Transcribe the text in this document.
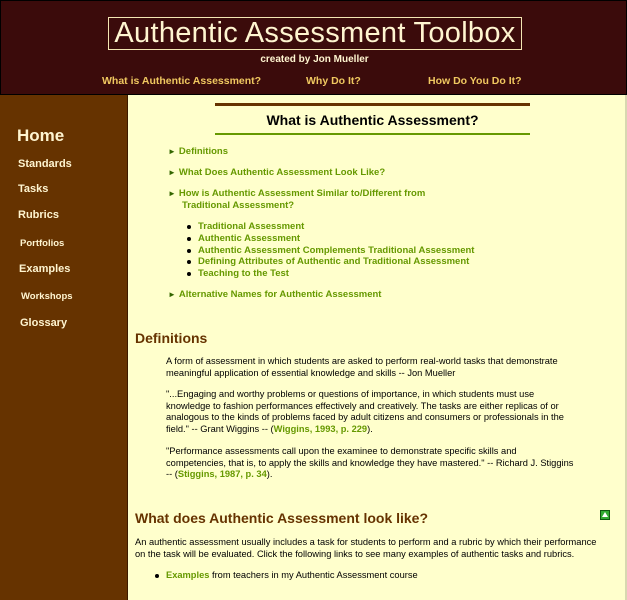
Authentic Assessment Toolbox
created by Jon Mueller
What is Authentic Assessment?	Why Do It?	How Do You Do It?
Home
Standards
Tasks
Rubrics
Portfolios
Examples
Workshops
Glossary
What is Authentic Assessment?
► Definitions
► What Does Authentic Assessment Look Like?
► How is Authentic Assessment Similar to/Different from
Traditional Assessment?
Traditional Assessment
Authentic Assessment
Authentic Assessment Complements Traditional Assessment
Defining Attributes of Authentic and Traditional Assessment
Teaching to the Test
► Alternative Names for Authentic Assessment
Definitions
A form of assessment in which students are asked to perform real-world tasks that demonstrate
meaningful application of essential knowledge and skills -- Jon Mueller
"...Engaging and worthy problems or questions of importance, in which students must use
knowledge to fashion performances effectively and creatively. The tasks are either replicas of or
analogous to the kinds of problems faced by adult citizens and consumers or professionals in the
field." -- Grant Wiggins -- (Wiggins, 1993, p. 229).
"Performance assessments call upon the examinee to demonstrate specific skills and
competencies, that is, to apply the skills and knowledge they have mastered." -- Richard J. Stiggins
-- (Stiggins, 1987, p. 34).
What does Authentic Assessment look like?
An authentic assessment usually includes a task for students to perform and a rubric by which their performance
on the task will be evaluated. Click the following links to see many examples of authentic tasks and rubrics.
Examples from teachers in my Authentic Assessment course
